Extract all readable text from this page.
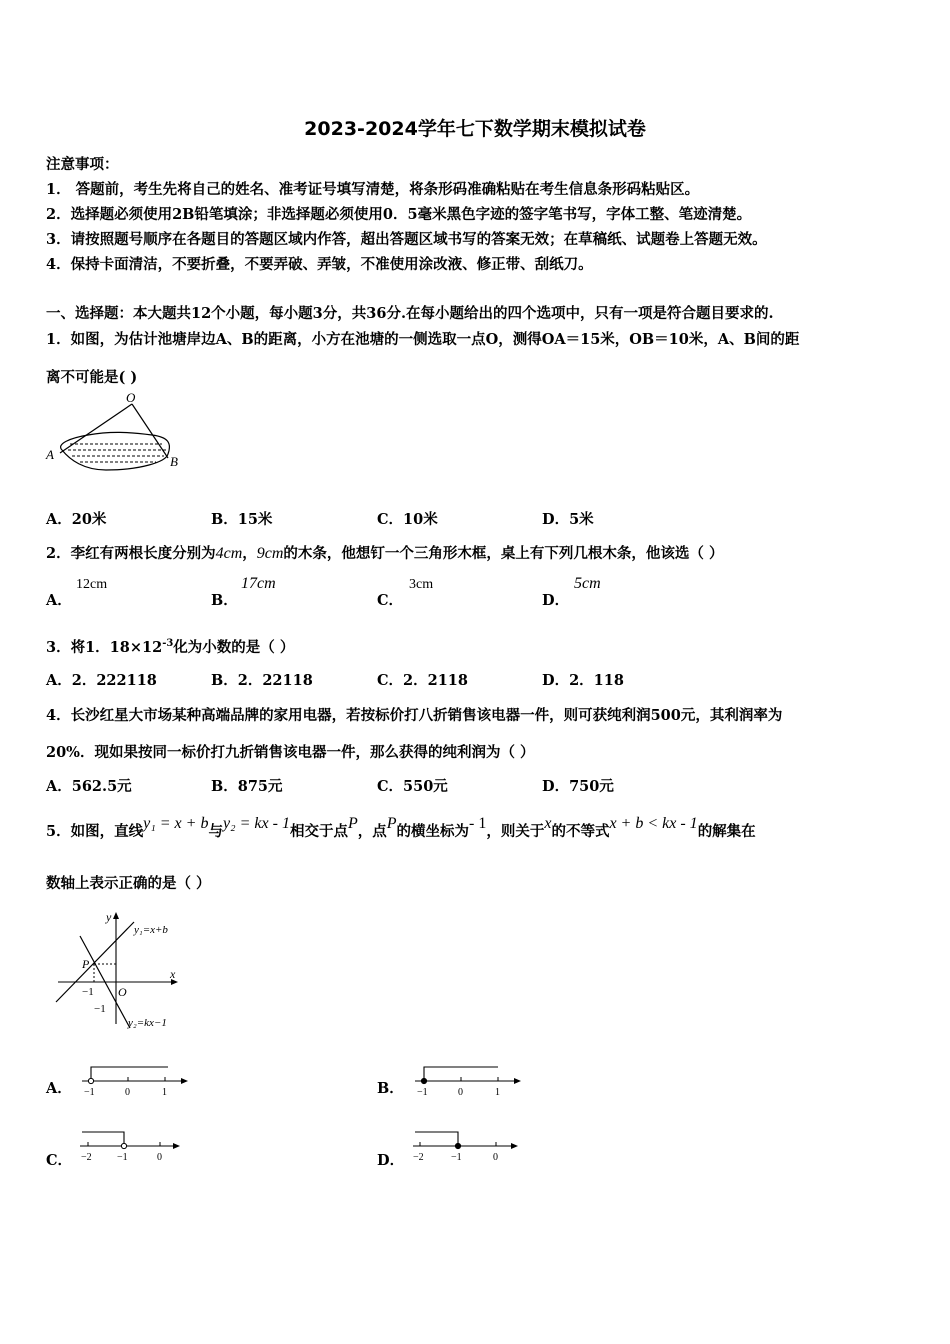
2023-2024学年七下数学期末模拟试卷
注意事项：
1． 答题前，考生先将自己的姓名、准考证号填写清楚，将条形码准确粘贴在考生信息条形码粘贴区。
2．选择题必须使用2B铅笔填涂；非选择题必须使用0．5毫米黑色字迹的签字笔书写，字体工整、笔迹清楚。
3．请按照题号顺序在各题目的答题区域内作答，超出答题区域书写的答案无效；在草稿纸、试题卷上答题无效。
4．保持卡面清洁，不要折叠，不要弄破、弄皱，不准使用涂改液、修正带、刮纸刀。
一、选择题：本大题共12个小题，每小题3分，共36分.在每小题给出的四个选项中，只有一项是符合题目要求的.
1．如图，为估计池塘岸边A、B的距离，小方在池塘的一侧选取一点O，测得OA＝15米，OB＝10米，A、B间的距
离不可能是( )
O
A	B
A．20米	B．15米	C．10米	D．5米
2．李红有两根长度分别为4cm，9cm的木条，他想钉一个三角形木框，桌上有下列几根木条，他该选（ ）
A．
12cm
B．
17cm
C．
3cm
D．
5cm
3．将1．$18\times 12^{-3}$化为小数的是（ ）
A．2．222118	B．2．22118	C．2．2118	D．2．118
4．长沙红星大市场某种高端品牌的家用电器，若按标价打八折销售该电器一件，则可获纯利润500元，其利润率为
20%．现如果按同一标价打九折销售该电器一件，那么获得的纯利润为（ ）
A．562.5元	B．875元	C．550元	D．750元
5．如图，直线y₁ = x + b与y₂ = kx - 1相交于点P，点P的横坐标为- 1，则关于x的不等式x + b < kx - 1的解集在
数轴上表示正确的是（ ）
y
x
P
O
−1
−1
y₁=x+b
y₂=kx−1
A． −1	0	1	B． −1	0	1
C． −2	−1	0	D． −2	−1	0
